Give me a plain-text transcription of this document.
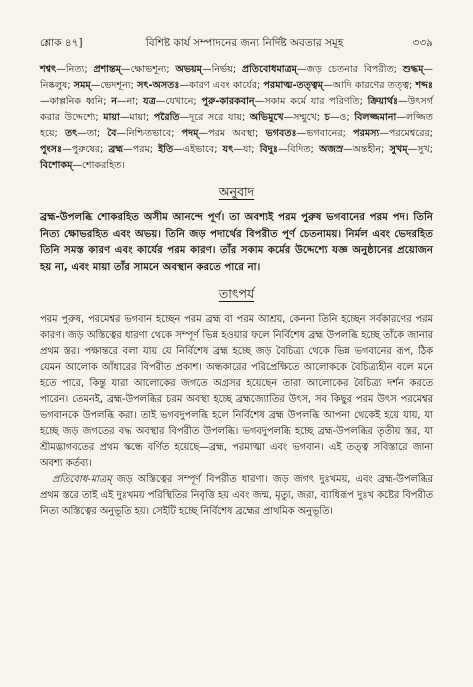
শ্লোক ৪৭]	বিশিষ্ট কার্য সম্পাদনের জন্য নির্দিষ্ট অবতার সমূহ	৩৩৯

শশ্বৎ—নিত্য; প্রশান্তম্—ক্ষোভশূন্য; অভয়ম্—নির্ভয়; প্রতিবোধমাত্রম্—জড় চেতনার বিপরীত; শুদ্ধম্—নিষ্কলুষ; সমম্—ভেদশূন্য; সৎ-অসতঃ—কারণ এবং কার্যের; পরমাত্ম-তত্ত্বম্—আদি কারণের তত্ত্ব; শব্দঃ—কাল্পনিক ধ্বনি; ন—না; যত্র—যেখানে; পুরু-কারকবান্—সকাম কর্মে যার পরিণতি; ক্রিয়ার্থঃ—উৎসর্গ করার উদ্দেশ্যে; মায়া—মায়া; পরৈতি—দূরে সরে যায়; অভিমুখে—সম্মুখে; চ—ও; বিলজ্জমানা—লজ্জিত হয়ে; তৎ—তা; বৈ—নিশ্চিতভাবে; পদম্—পরম অবস্থা; ভগবতঃ—ভগবানের; পরমস্য—পরমেশ্বরের; পুংসঃ—পুরুষের; ব্রহ্ম—পরম; ইতি—এইভাবে; যৎ—যা; বিদুঃ—বিদিত; অজস্র—অন্তহীন; সুখম্—সুখ; বিশোকম্—শোকরহিত।

অনুবাদ

ব্রহ্ম-উপলব্ধি শোকরহিত অসীম আনন্দে পূর্ণ। তা অবশ্যই পরম পুরুষ ভগবানের পরম পদ। তিনি নিত্য ক্ষোভরহিত এবং অভয়। তিনি জড় পদার্থের বিপরীত পূর্ণ চেতনাময়। নির্মল এবং ভেদরহিত তিনি সমস্ত কারণ এবং কার্যের পরম কারণ। তাঁর সকাম কর্মের উদ্দেশ্যে যজ্ঞ অনুষ্ঠানের প্রয়োজন হয় না, এবং মায়া তাঁর সামনে অবস্থান করতে পারে না।

তাৎপর্য

পরম পুরুষ, পরমেশ্বর ভগবান হচ্ছেন পরম ব্রহ্ম বা পরম আশ্রয়, কেননা তিনি হচ্ছেন সর্বকারণের পরম কারণ। জড় অস্তিত্বের ধারণা থেকে সম্পূর্ণ ভিন্ন হওয়ার ফলে নির্বিশেষ ব্রহ্ম উপলব্ধি হচ্ছে তাঁকে জানার প্রথম স্তর। পক্ষান্তরে বলা যায় যে নির্বিশেষ ব্রহ্ম হচ্ছে জড় বৈচিত্র্য থেকে ভিন্ন ভগবানের রূপ, ঠিক যেমন আলোক আঁধারের বিপরীত প্রকাশ। অন্ধকারের পরিপ্রেক্ষিতে আলোককে বৈচিত্র্যহীন বলে মনে হতে পারে, কিন্তু যারা আলোকের জগতে অগ্রসর হয়েছেন তারা আলোকের বৈচিত্র্য দর্শন করতে পারেন। তেমনই, ব্রহ্ম-উপলব্ধির চরম অবস্থা হচ্ছে ব্রহ্মজ্যোতির উৎস, সব কিছুর পরম উৎস পরমেশ্বর ভগবানকে উপলব্ধি করা। তাই ভগবদুপলব্ধি হলে নির্বিশেষ ব্রহ্ম উপলব্ধি আপনা থেকেই হয়ে যায়, যা হচ্ছে জড় জগতের বদ্ধ অবস্থার বিপরীত উপলব্ধি। ভগবদুপলব্ধি হচ্ছে ব্রহ্ম-উপলব্ধির তৃতীয় স্তর, যা শ্রীমদ্ভাগবতের প্রথম স্কন্ধে বর্ণিত হয়েছে—ব্রহ্ম, পরমাত্মা এবং ভগবান। এই তত্ত্ব সবিস্তারে জানা অবশ্য কর্তব্য।

প্রতিবোধ-মাত্রম্ জড় অস্তিত্বের সম্পূর্ণ বিপরীত ধারণা। জড় জগৎ দুঃখময়, এবং ব্রহ্ম-উপলব্ধির প্রথম স্তরে তাই এই দুঃখময় পরিস্থিতির নিবৃত্তি হয় এবং জন্ম, মৃত্যু, জরা, ব্যাধিরূপ দুঃখ কষ্টের বিপরীত নিত্য অস্তিত্বের অনুভূতি হয়। সেইটি হচ্ছে নির্বিশেষ ব্রহ্মের প্রাথমিক অনুভূতি।
